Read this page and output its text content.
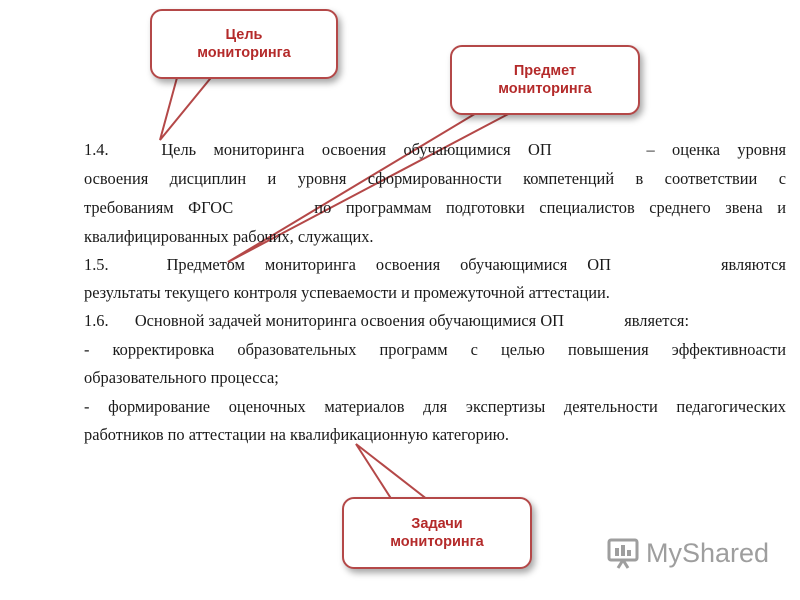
1.4.	Цель мониторинга освоения обучающимися ОП	– оценка уровня
освоения дисциплин и уровня сформированности компетенций в соответствии с
требованиям ФГОС	по программам подготовки специалистов среднего звена и
квалифицированных рабочих, служащих.
1.5.	Предметом мониторинга освоения обучающимися ОП	являются
результаты текущего контроля успеваемости и промежуточной аттестации.
1.6. Основной задачей мониторинга освоения обучающимися ОП	является:
- корректировка образовательных программ с целью повышения эффективноасти
образовательного процесса;
- формирование оценочных материалов для экспертизы деятельности педагогических
работников по аттестации на квалификационную категорию.
Цель
мониторинга
Предмет
мониторинга
Задачи
мониторинга	MyShared
